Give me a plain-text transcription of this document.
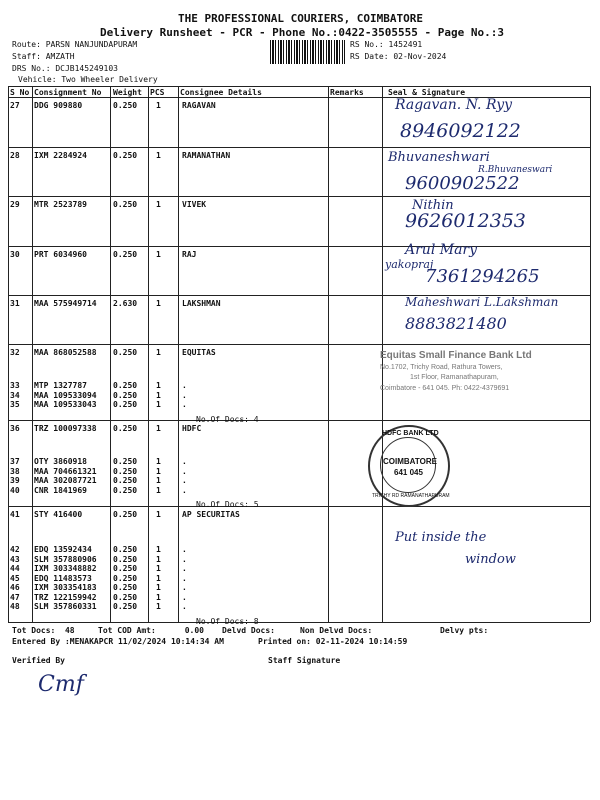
THE PROFESSIONAL COURIERS, COIMBATORE
Delivery Runsheet - PCR - Phone No.:0422-3505555 - Page No.:3
Route: PARSN NANJUNDAPURAM
Staff: AMZATH
DRS No.: DCJB145249103
Vehicle: Two Wheeler Delivery
RS No.: 1452491
RS Date: 02-Nov-2024
S No Consignment No Weight PCS Consignee Details	Remarks	Seal & Signature
27 DDG 909880	0.250 1	RAGAVAN
28 IXM 2284924	0.250 1	RAMANATHAN
29 MTR 2523789	0.250 1	VIVEK
30 PRT 6034960	0.250 1	RAJ
31 MAA 575949714 2.630 1	LAKSHMAN
32 MAA 868052588 0.250 1	EQUITAS
33 MTP 1327787	0.250 1	.
34 MAA 109533094 0.250 1	.
35 MAA 109533043 0.250 1	.
No.Of Docs: 4
36 TRZ 100097338 0.250 1	HDFC
37 OTY 3860918	0.250 1	.
38 MAA 704661321 0.250 1	.
39 MAA 302087721 0.250 1	.
40 CNR 1841969	0.250 1	.
No.Of Docs: 5
41 STY 416400	0.250 1	AP SECURITAS
42 EDQ 13592434	0.250 1	.
43 SLM 357880906 0.250 1	.
44 IXM 303348882 0.250 1	.
45 EDQ 11483573	0.250 1	.
46 IXM 303354183 0.250 1	.
47 TRZ 122159942 0.250 1	.
48 SLM 357860331 0.250 1	.
No.Of Docs: 8
Ragavan. N. Ryy
8946092122
Bhuvaneshwari
R.Bhuvaneswari
9600902522
Nithin
9626012353
Arul Mary
yakopraj
7361294265
Maheshwari L.Lakshman
8883821480
Put inside the
window
Cmf
Equitas Small Finance Bank Ltd
No.1702, Trichy Road, Rathura Towers,
1st Floor, Ramanathapuram,
Coimbatore - 641 045. Ph: 0422-4379691
HDFC BANK LTD
COIMBATORE
641 045
TRICHY RD RAMANATHAPURAM
Tot Docs:  48	Tot COD Amt:      0.00 Delvd Docs:	Non Delvd Docs:	Delvy pts:
Entered By :MENAKAPCR 11/02/2024 10:14:34 AM	Printed on: 02-11-2024 10:14:59
Verified By	Staff Signature
